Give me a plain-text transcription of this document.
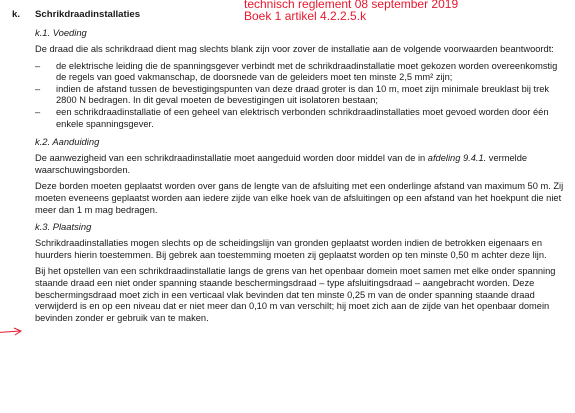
technisch reglement 08 september 2019
Boek 1 artikel 4.2.2.5.k
k. Schrikdraadinstallaties
k.1. Voeding

De draad die als schrikdraad dient mag slechts blank zijn voor zover de installatie aan de volgende voorwaarden beantwoordt:

– de elektrische leiding die de spanningsgever verbindt met de schrikdraadinstallatie moet gekozen worden overeenkomstig de regels van goed vakmanschap, de doorsnede van de geleiders moet ten minste 2,5 mm² zijn;
– indien de afstand tussen de bevestigingspunten van deze draad groter is dan 10 m, moet zijn minimale breuklast bij trek 2800 N bedragen. In dit geval moeten de bevestigingen uit isolatoren bestaan;
– een schrikdraadinstallatie of een geheel van elektrisch verbonden schrikdraadinstallaties moet gevoed worden door één enkele spanningsgever.
k.2. Aanduiding

De aanwezigheid van een schrikdraadinstallatie moet aangeduid worden door middel van de in afdeling 9.4.1. vermelde waarschuwingsborden.

Deze borden moeten geplaatst worden over gans de lengte van de afsluiting met een onderlinge afstand van maximum 50 m. Zij moeten eveneens geplaatst worden aan iedere zijde van elke hoek van de afsluitingen op een afstand van het hoekpunt die niet meer dan 1 m mag bedragen.

k.3. Plaatsing

Schrikdraadinstallaties mogen slechts op de scheidingslijn van gronden geplaatst worden indien de betrokken eigenaars en huurders hierin toestemmen. Bij gebrek aan toestemming moeten zij geplaatst worden op ten minste 0,50 m achter deze lijn.

Bij het opstellen van een schrikdraadinstallatie langs de grens van het openbaar domein moet samen met elke onder spanning staande draad een niet onder spanning staande beschermingsdraad – type afsluitingsdraad – aangebracht worden. Deze beschermingsdraad moet zich in een verticaal vlak bevinden dat ten minste 0,25 m van de onder spanning staande draad verwijderd is en op een niveau dat er niet meer dan 0,10 m van verschilt; hij moet zich aan de zijde van het openbaar domein bevinden zonder er gebruik van te maken.
